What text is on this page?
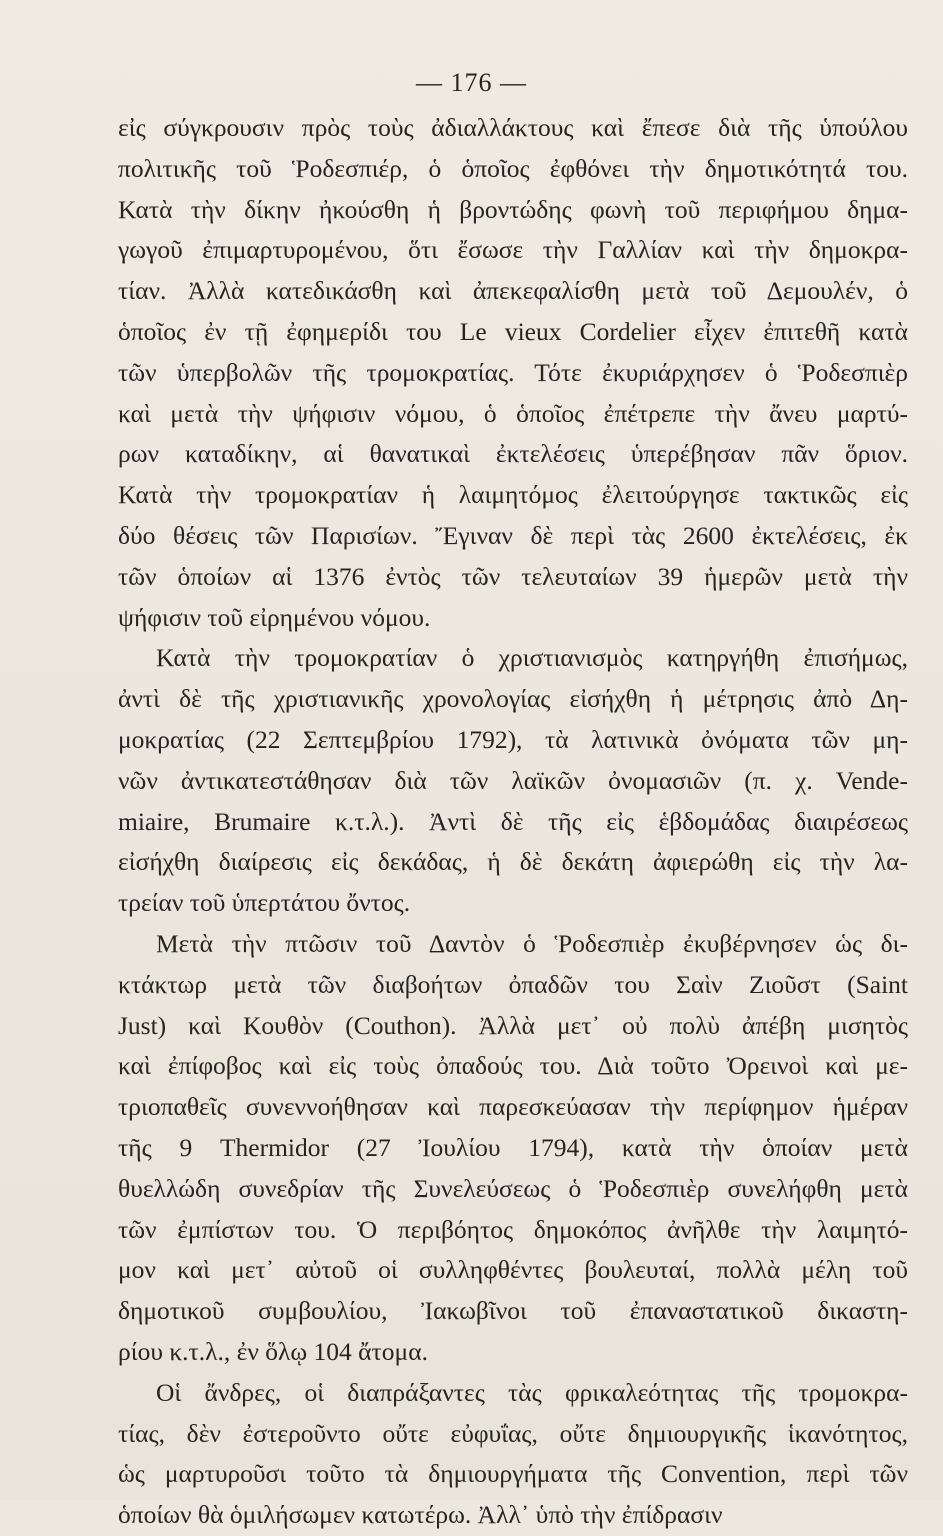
— 176 —
εἰς σύγκρουσιν πρὸς τοὺς ἀδιαλλάκτους καὶ ἔπεσε διὰ τῆς ὑπούλου
πολιτικῆς τοῦ Ῥοδεσπιέρ, ὁ ὁποῖος ἐφθόνει τὴν δημοτικότητά του.
Κατὰ τὴν δίκην ἠκούσθη ἡ βροντώδης φωνὴ τοῦ περιφήμου δημα-
γωγοῦ ἐπιμαρτυρομένου, ὅτι ἔσωσε τὴν Γαλλίαν καὶ τὴν δημοκρα-
τίαν. Ἀλλὰ κατεδικάσθη καὶ ἀπεκεφαλίσθη μετὰ τοῦ Δεμουλέν, ὁ
ὁποῖος ἐν τῇ ἐφημερίδι του Le vieux Cordelier εἶχεν ἐπιτεθῆ κατὰ
τῶν ὑπερβολῶν τῆς τρομοκρατίας. Τότε ἐκυριάρχησεν ὁ Ῥοδεσπιὲρ
καὶ μετὰ τὴν ψήφισιν νόμου, ὁ ὁποῖος ἐπέτρεπε τὴν ἄνευ μαρτύ-
ρων καταδίκην, αἱ θανατικαὶ ἐκτελέσεις ὑπερέβησαν πᾶν ὅριον.
Κατὰ τὴν τρομοκρατίαν ἡ λαιμητόμος ἐλειτούργησε τακτικῶς εἰς
δύο θέσεις τῶν Παρισίων. Ἔγιναν δὲ περὶ τὰς 2600 ἐκτελέσεις, ἐκ
τῶν ὁποίων αἱ 1376 ἐντὸς τῶν τελευταίων 39 ἡμερῶν μετὰ τὴν
ψήφισιν τοῦ εἰρημένου νόμου.
Κατὰ τὴν τρομοκρατίαν ὁ χριστιανισμὸς κατηργήθη ἐπισήμως,
ἀντὶ δὲ τῆς χριστιανικῆς χρονολογίας εἰσήχθη ἡ μέτρησις ἀπὸ Δη-
μοκρατίας (22 Σεπτεμβρίου 1792), τὰ λατινικὰ ὀνόματα τῶν μη-
νῶν ἀντικατεστάθησαν διὰ τῶν λαϊκῶν ὀνομασιῶν (π. χ. Vende-
miaire, Brumaire κ.τ.λ.). Ἀντὶ δὲ τῆς εἰς ἑβδομάδας διαιρέσεως
εἰσήχθη διαίρεσις εἰς δεκάδας, ἡ δὲ δεκάτη ἀφιερώθη εἰς τὴν λα-
τρείαν τοῦ ὑπερτάτου ὄντος.
Μετὰ τὴν πτῶσιν τοῦ Δαντὸν ὁ Ῥοδεσπιὲρ ἐκυβέρνησεν ὡς δι-
κτάκτωρ μετὰ τῶν διαβοήτων ὀπαδῶν του Σαὶν Ζιοῦστ (Saint
Just) καὶ Κουθὸν (Couthon). Ἀλλὰ μετ᾽ οὐ πολὺ ἀπέβη μισητὸς
καὶ ἐπίφοβος καὶ εἰς τοὺς ὀπαδούς του. Διὰ τοῦτο Ὀρεινοὶ καὶ με-
τριοπαθεῖς συνεννοήθησαν καὶ παρεσκεύασαν τὴν περίφημον ἡμέραν
τῆς 9 Thermidor (27 Ἰουλίου 1794), κατὰ τὴν ὁποίαν μετὰ
θυελλώδη συνεδρίαν τῆς Συνελεύσεως ὁ Ῥοδεσπιὲρ συνελήφθη μετὰ
τῶν ἐμπίστων του. Ὁ περιβόητος δημοκόπος ἀνῆλθε τὴν λαιμητό-
μον καὶ μετ᾽ αὐτοῦ οἱ συλληφθέντες βουλευταί, πολλὰ μέλη τοῦ
δημοτικοῦ συμβουλίου, Ἰακωβῖνοι τοῦ ἐπαναστατικοῦ δικαστη-
ρίου κ.τ.λ., ἐν ὅλῳ 104 ἄτομα.
Οἱ ἄνδρες, οἱ διαπράξαντες τὰς φρικαλεότητας τῆς τρομοκρα-
τίας, δὲν ἐστεροῦντο οὔτε εὐφυΐας, οὔτε δημιουργικῆς ἱκανότητος,
ὡς μαρτυροῦσι τοῦτο τὰ δημιουργήματα τῆς Convention, περὶ τῶν
ὁποίων θὰ ὁμιλήσωμεν κατωτέρω. Ἀλλ᾽ ὑπὸ τὴν ἐπίδρασιν
